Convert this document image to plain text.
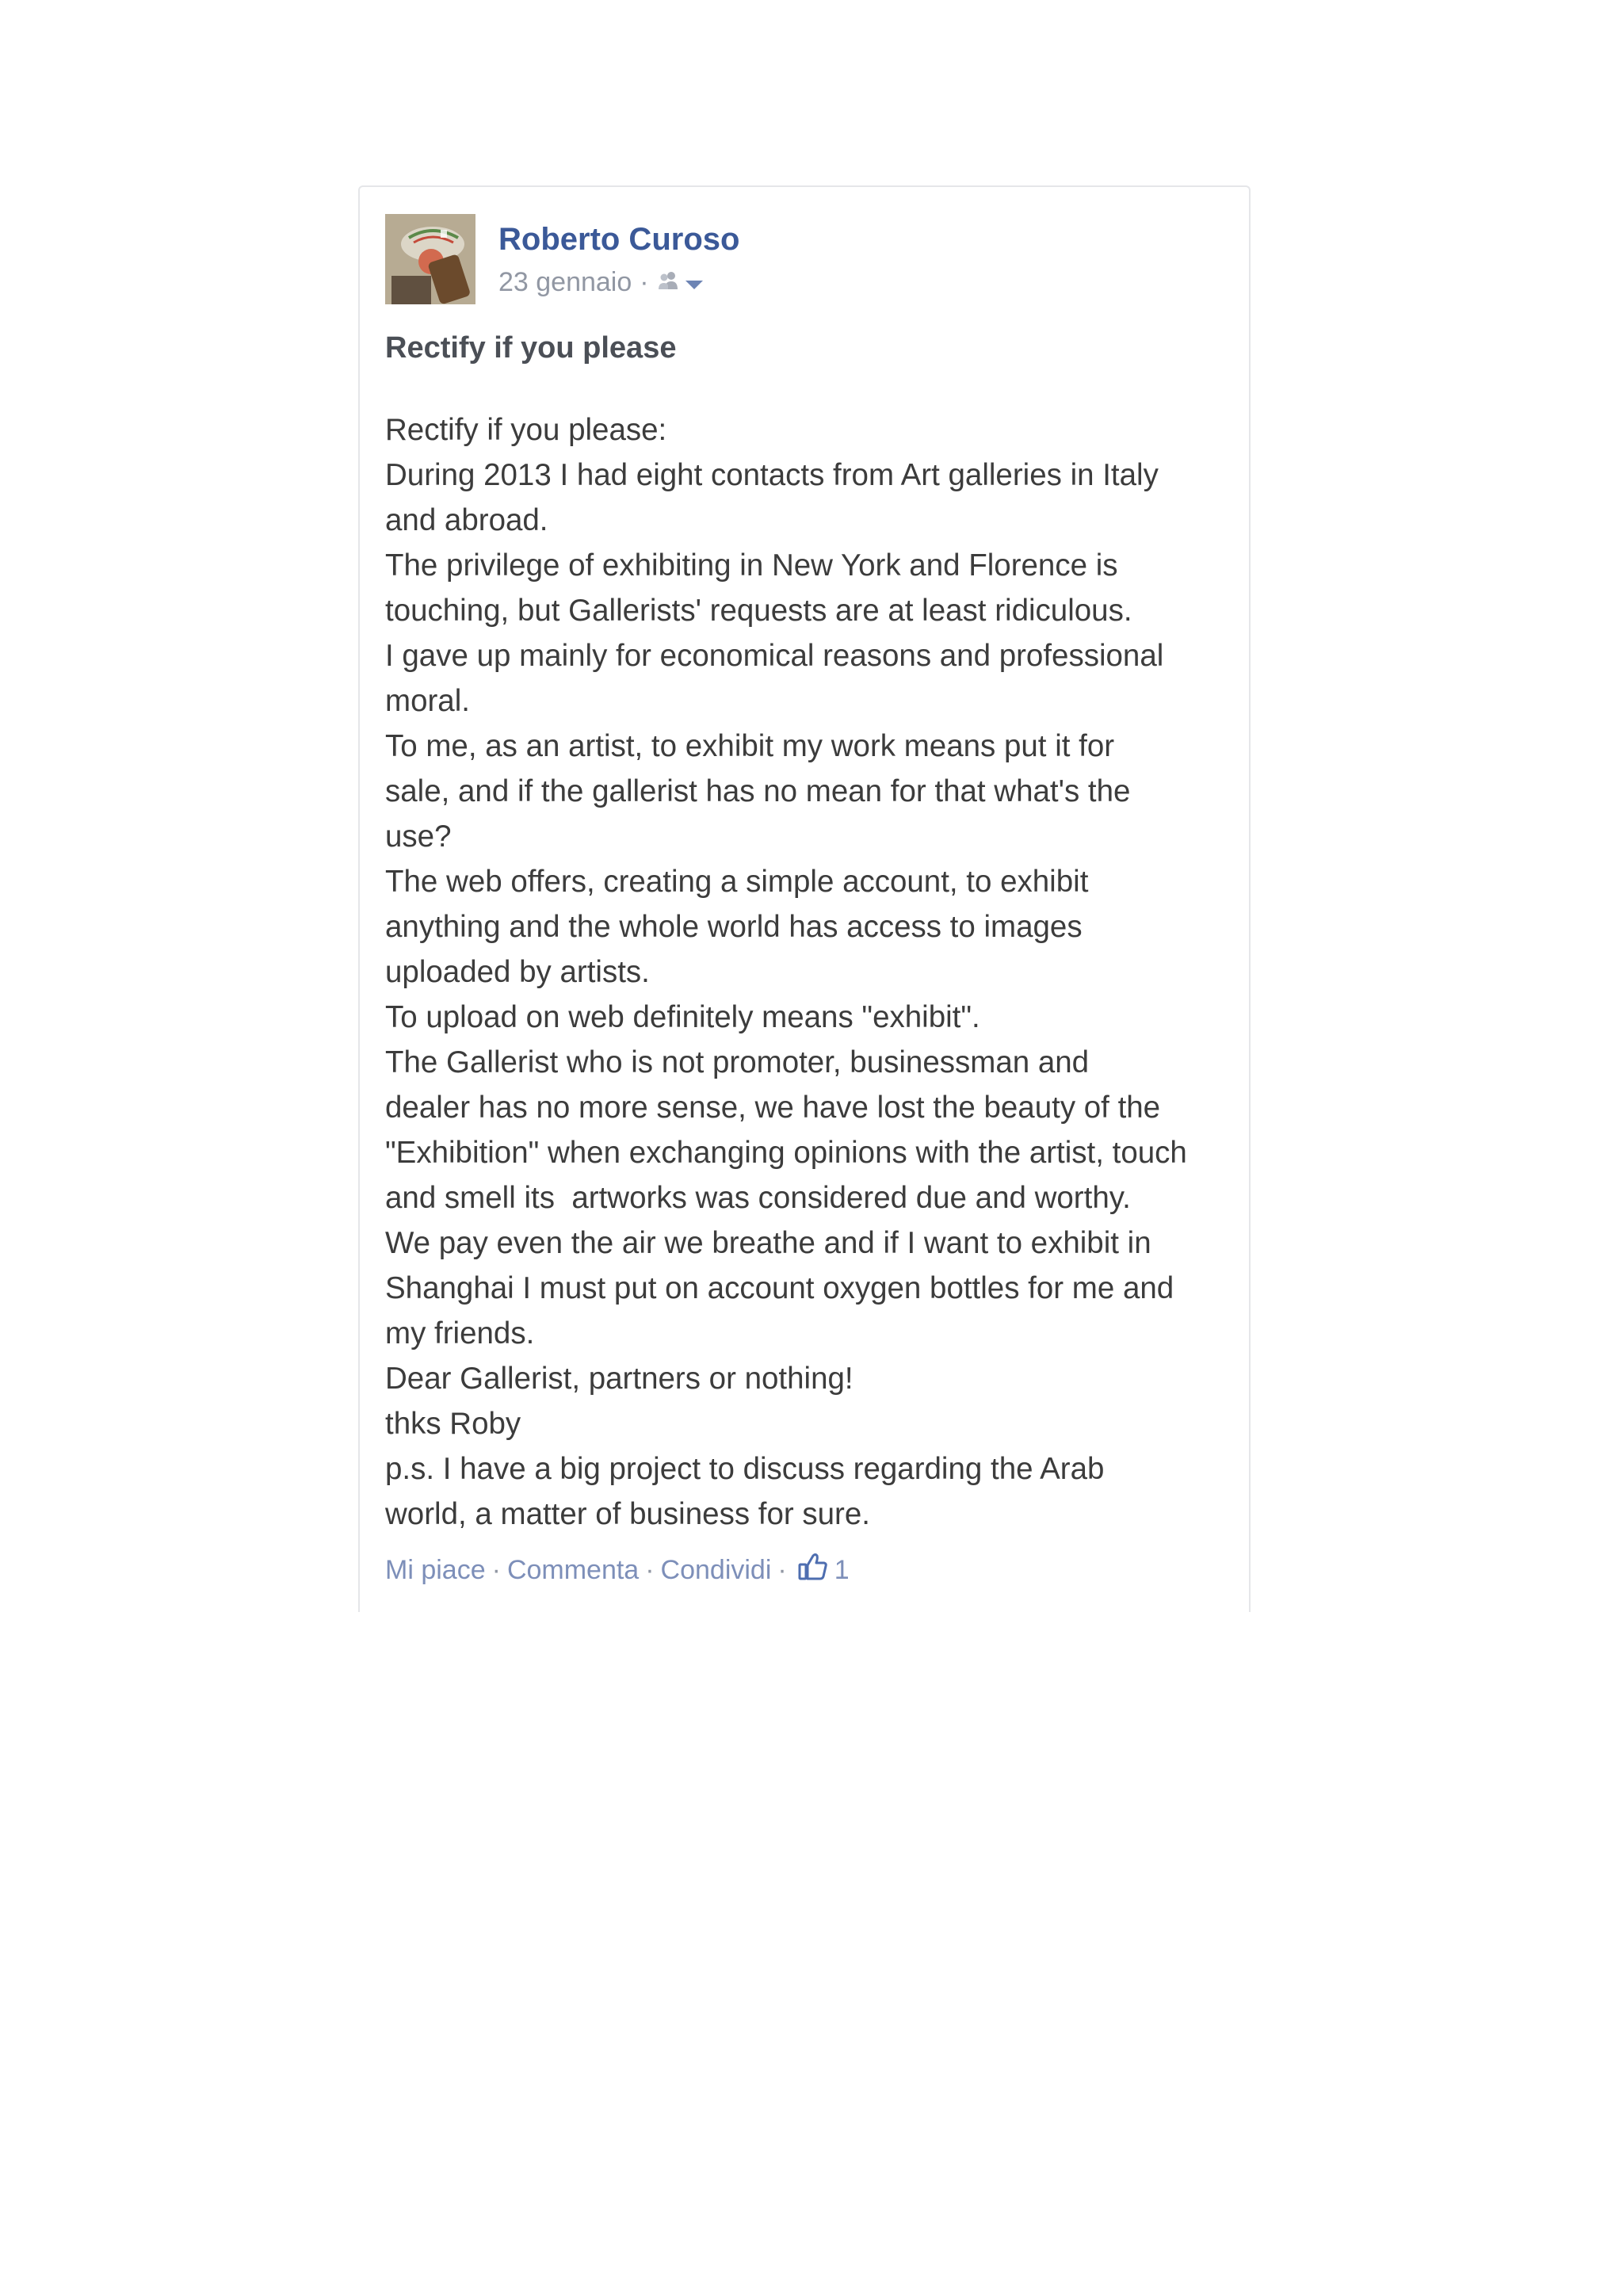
Roberto Curoso
23 gennaio ·
Rectify if you please
Rectify if you please:
During 2013 I had eight contacts from Art galleries in Italy
and abroad.
The privilege of exhibiting in New York and Florence is
touching, but Gallerists' requests are at least ridiculous.
I gave up mainly for economical reasons and professional
moral.
To me, as an artist, to exhibit my work means put it for
sale, and if the gallerist has no mean for that what's the
use?
The web offers, creating a simple account, to exhibit
anything and the whole world has access to images
uploaded by artists.
To upload on web definitely means "exhibit".
The Gallerist who is not promoter, businessman and
dealer has no more sense, we have lost the beauty of the
"Exhibition" when exchanging opinions with the artist, touch
and smell its  artworks was considered due and worthy.
We pay even the air we breathe and if I want to exhibit in
Shanghai I must put on account oxygen bottles for me and
my friends.
Dear Gallerist, partners or nothing!
thks Roby
p.s. I have a big project to discuss regarding the Arab
world, a matter of business for sure.
Mi piace · Commenta · Condividi · 1
